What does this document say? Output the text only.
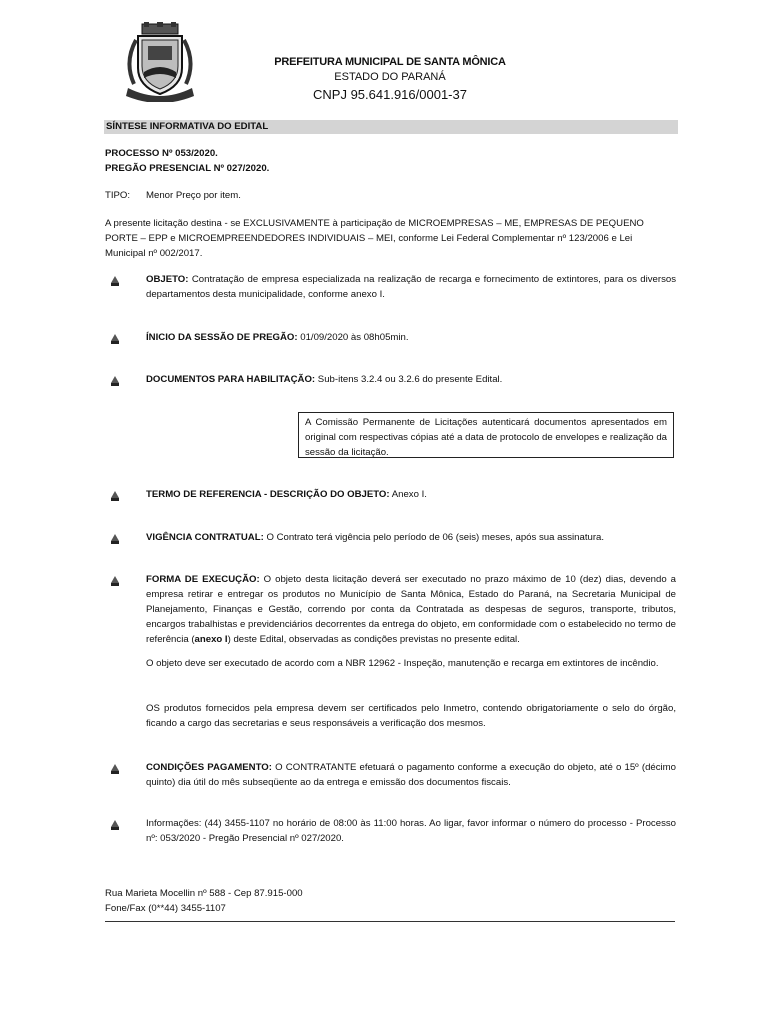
PREFEITURA MUNICIPAL DE SANTA MÔNICA
ESTADO DO PARANÁ
CNPJ 95.641.916/0001-37
SÍNTESE INFORMATIVA DO EDITAL
PROCESSO Nº 053/2020.
PREGÃO PRESENCIAL Nº 027/2020.
TIPO: Menor Preço por item.
A presente licitação destina - se EXCLUSIVAMENTE à participação de MICROEMPRESAS – ME, EMPRESAS DE PEQUENO PORTE – EPP e MICROEMPREENDEDORES INDIVIDUAIS – MEI, conforme Lei Federal Complementar nº 123/2006 e Lei Municipal nº 002/2017.
OBJETO: Contratação de empresa especializada na realização de recarga e fornecimento de extintores, para os diversos departamentos desta municipalidade, conforme anexo I.
ÍNICIO DA SESSÃO DE PREGÃO: 01/09/2020 às 08h05min.
DOCUMENTOS PARA HABILITAÇÃO: Sub-itens 3.2.4 ou 3.2.6 do presente Edital.
A Comissão Permanente de Licitações autenticará documentos apresentados em original com respectivas cópias até a data de protocolo de envelopes e realização da sessão da licitação.
TERMO DE REFERENCIA - DESCRIÇÃO DO OBJETO: Anexo I.
VIGÊNCIA CONTRATUAL: O Contrato terá vigência pelo período de 06 (seis) meses, após sua assinatura.
FORMA DE EXECUÇÃO: O objeto desta licitação deverá ser executado no prazo máximo de 10 (dez) dias, devendo a empresa retirar e entregar os produtos no Município de Santa Mônica, Estado do Paraná, na Secretaria Municipal de Planejamento, Finanças e Gestão, correndo por conta da Contratada as despesas de seguros, transporte, tributos, encargos trabalhistas e previdenciários decorrentes da entrega do objeto, em conformidade com o estabelecido no termo de referência (anexo I) deste Edital, observadas as condições previstas no presente edital.
O objeto deve ser executado de acordo com a NBR 12962 - Inspeção, manutenção e recarga em extintores de incêndio.
OS produtos fornecidos pela empresa devem ser certificados pelo Inmetro, contendo obrigatoriamente o selo do órgão, ficando a cargo das secretarias e seus responsáveis a verificação dos mesmos.
CONDIÇÕES PAGAMENTO: O CONTRATANTE efetuará o pagamento conforme a execução do objeto, até o 15º (décimo quinto) dia útil do mês subseqüente ao da entrega e emissão dos documentos fiscais.
Informações: (44) 3455-1107 no horário de 08:00 às 11:00 horas. Ao ligar, favor informar o número do processo - Processo nº: 053/2020 - Pregão Presencial nº 027/2020.
Rua Marieta Mocellin nº 588 - Cep 87.915-000
Fone/Fax (0**44) 3455-1107
